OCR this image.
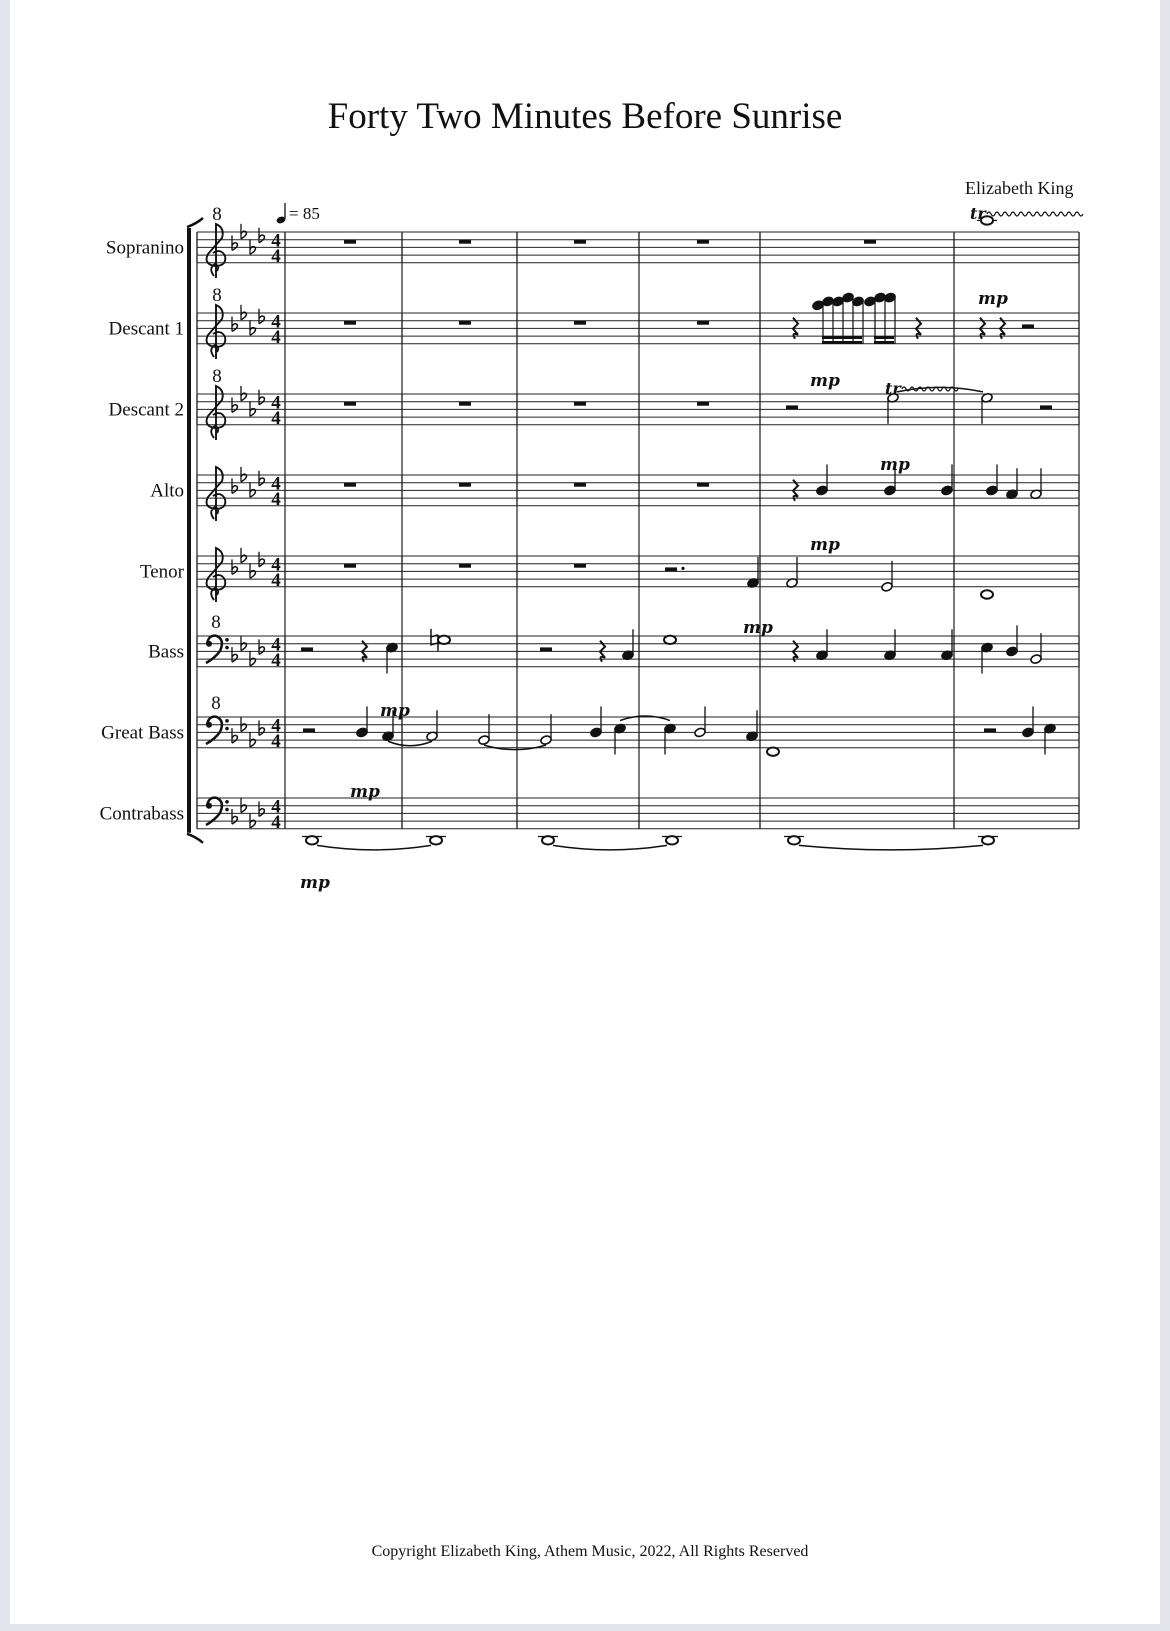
Forty Two Minutes Before Sunrise
Elizabeth King
= 85
Sopranino
Descant 1
Descant 2
Alto
Tenor
Bass
Great Bass
Contrabass
8
4
4
8
4
4
8
4
4
4
4
4
4
8
4
4
8
4
4
4
4
tr
mp
mp	tr
mp
mp
mp
mp
mp
mp
Copyright Elizabeth King, Athem Music, 2022, All Rights Reserved
